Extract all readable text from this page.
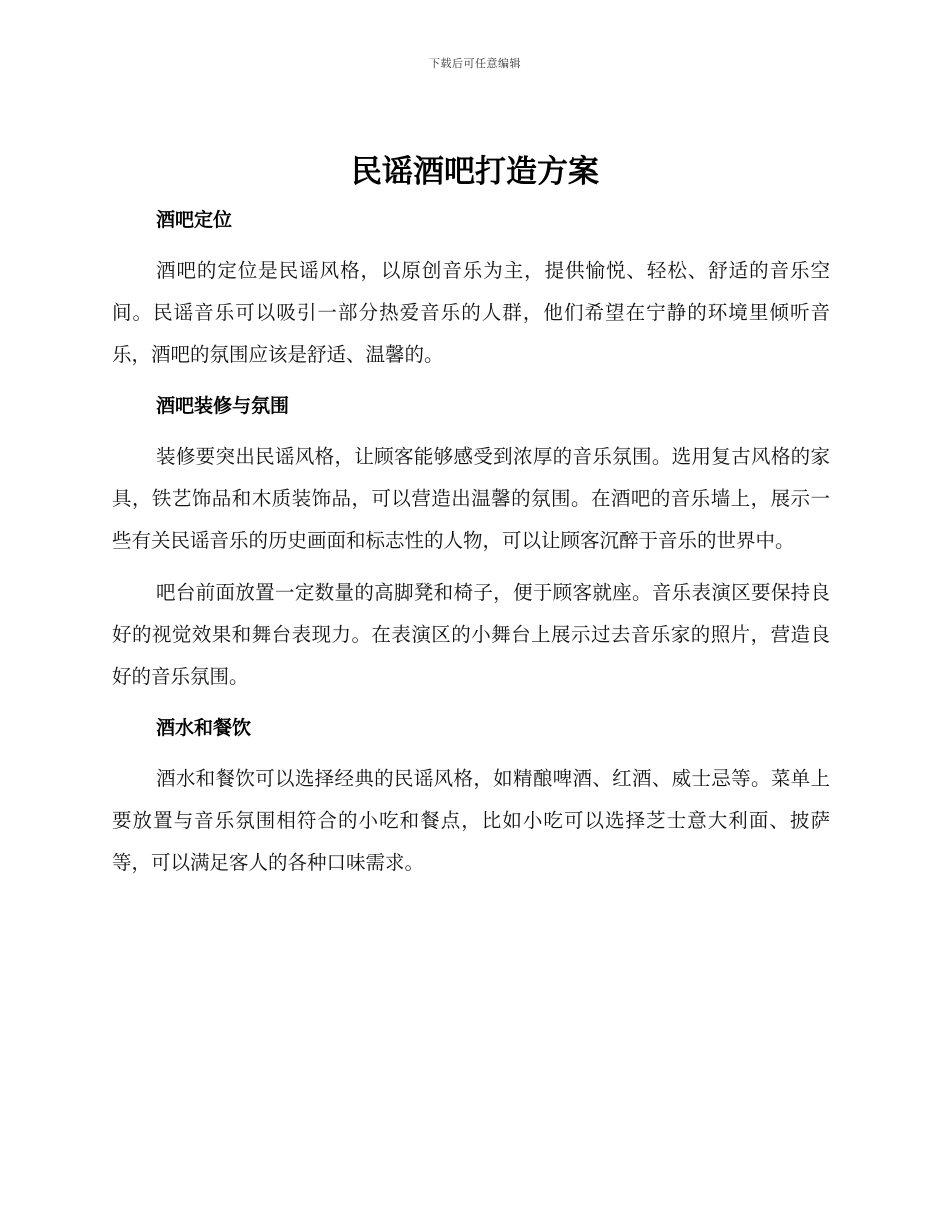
下载后可任意编辑
民谣酒吧打造方案
酒吧定位

酒吧的定位是民谣风格，以原创音乐为主，提供愉悦、轻松、舒适的音乐空间。民谣音乐可以吸引一部分热爱音乐的人群，他们希望在宁静的环境里倾听音乐，酒吧的氛围应该是舒适、温馨的。

酒吧装修与氛围

装修要突出民谣风格，让顾客能够感受到浓厚的音乐氛围。选用复古风格的家具，铁艺饰品和木质装饰品，可以营造出温馨的氛围。在酒吧的音乐墙上，展示一些有关民谣音乐的历史画面和标志性的人物，可以让顾客沉醉于音乐的世界中。

吧台前面放置一定数量的高脚凳和椅子，便于顾客就座。音乐表演区要保持良好的视觉效果和舞台表现力。在表演区的小舞台上展示过去音乐家的照片，营造良好的音乐氛围。

酒水和餐饮

酒水和餐饮可以选择经典的民谣风格，如精酿啤酒、红酒、威士忌等。菜单上要放置与音乐氛围相符合的小吃和餐点，比如小吃可以选择芝士意大利面、披萨等，可以满足客人的各种口味需求。
